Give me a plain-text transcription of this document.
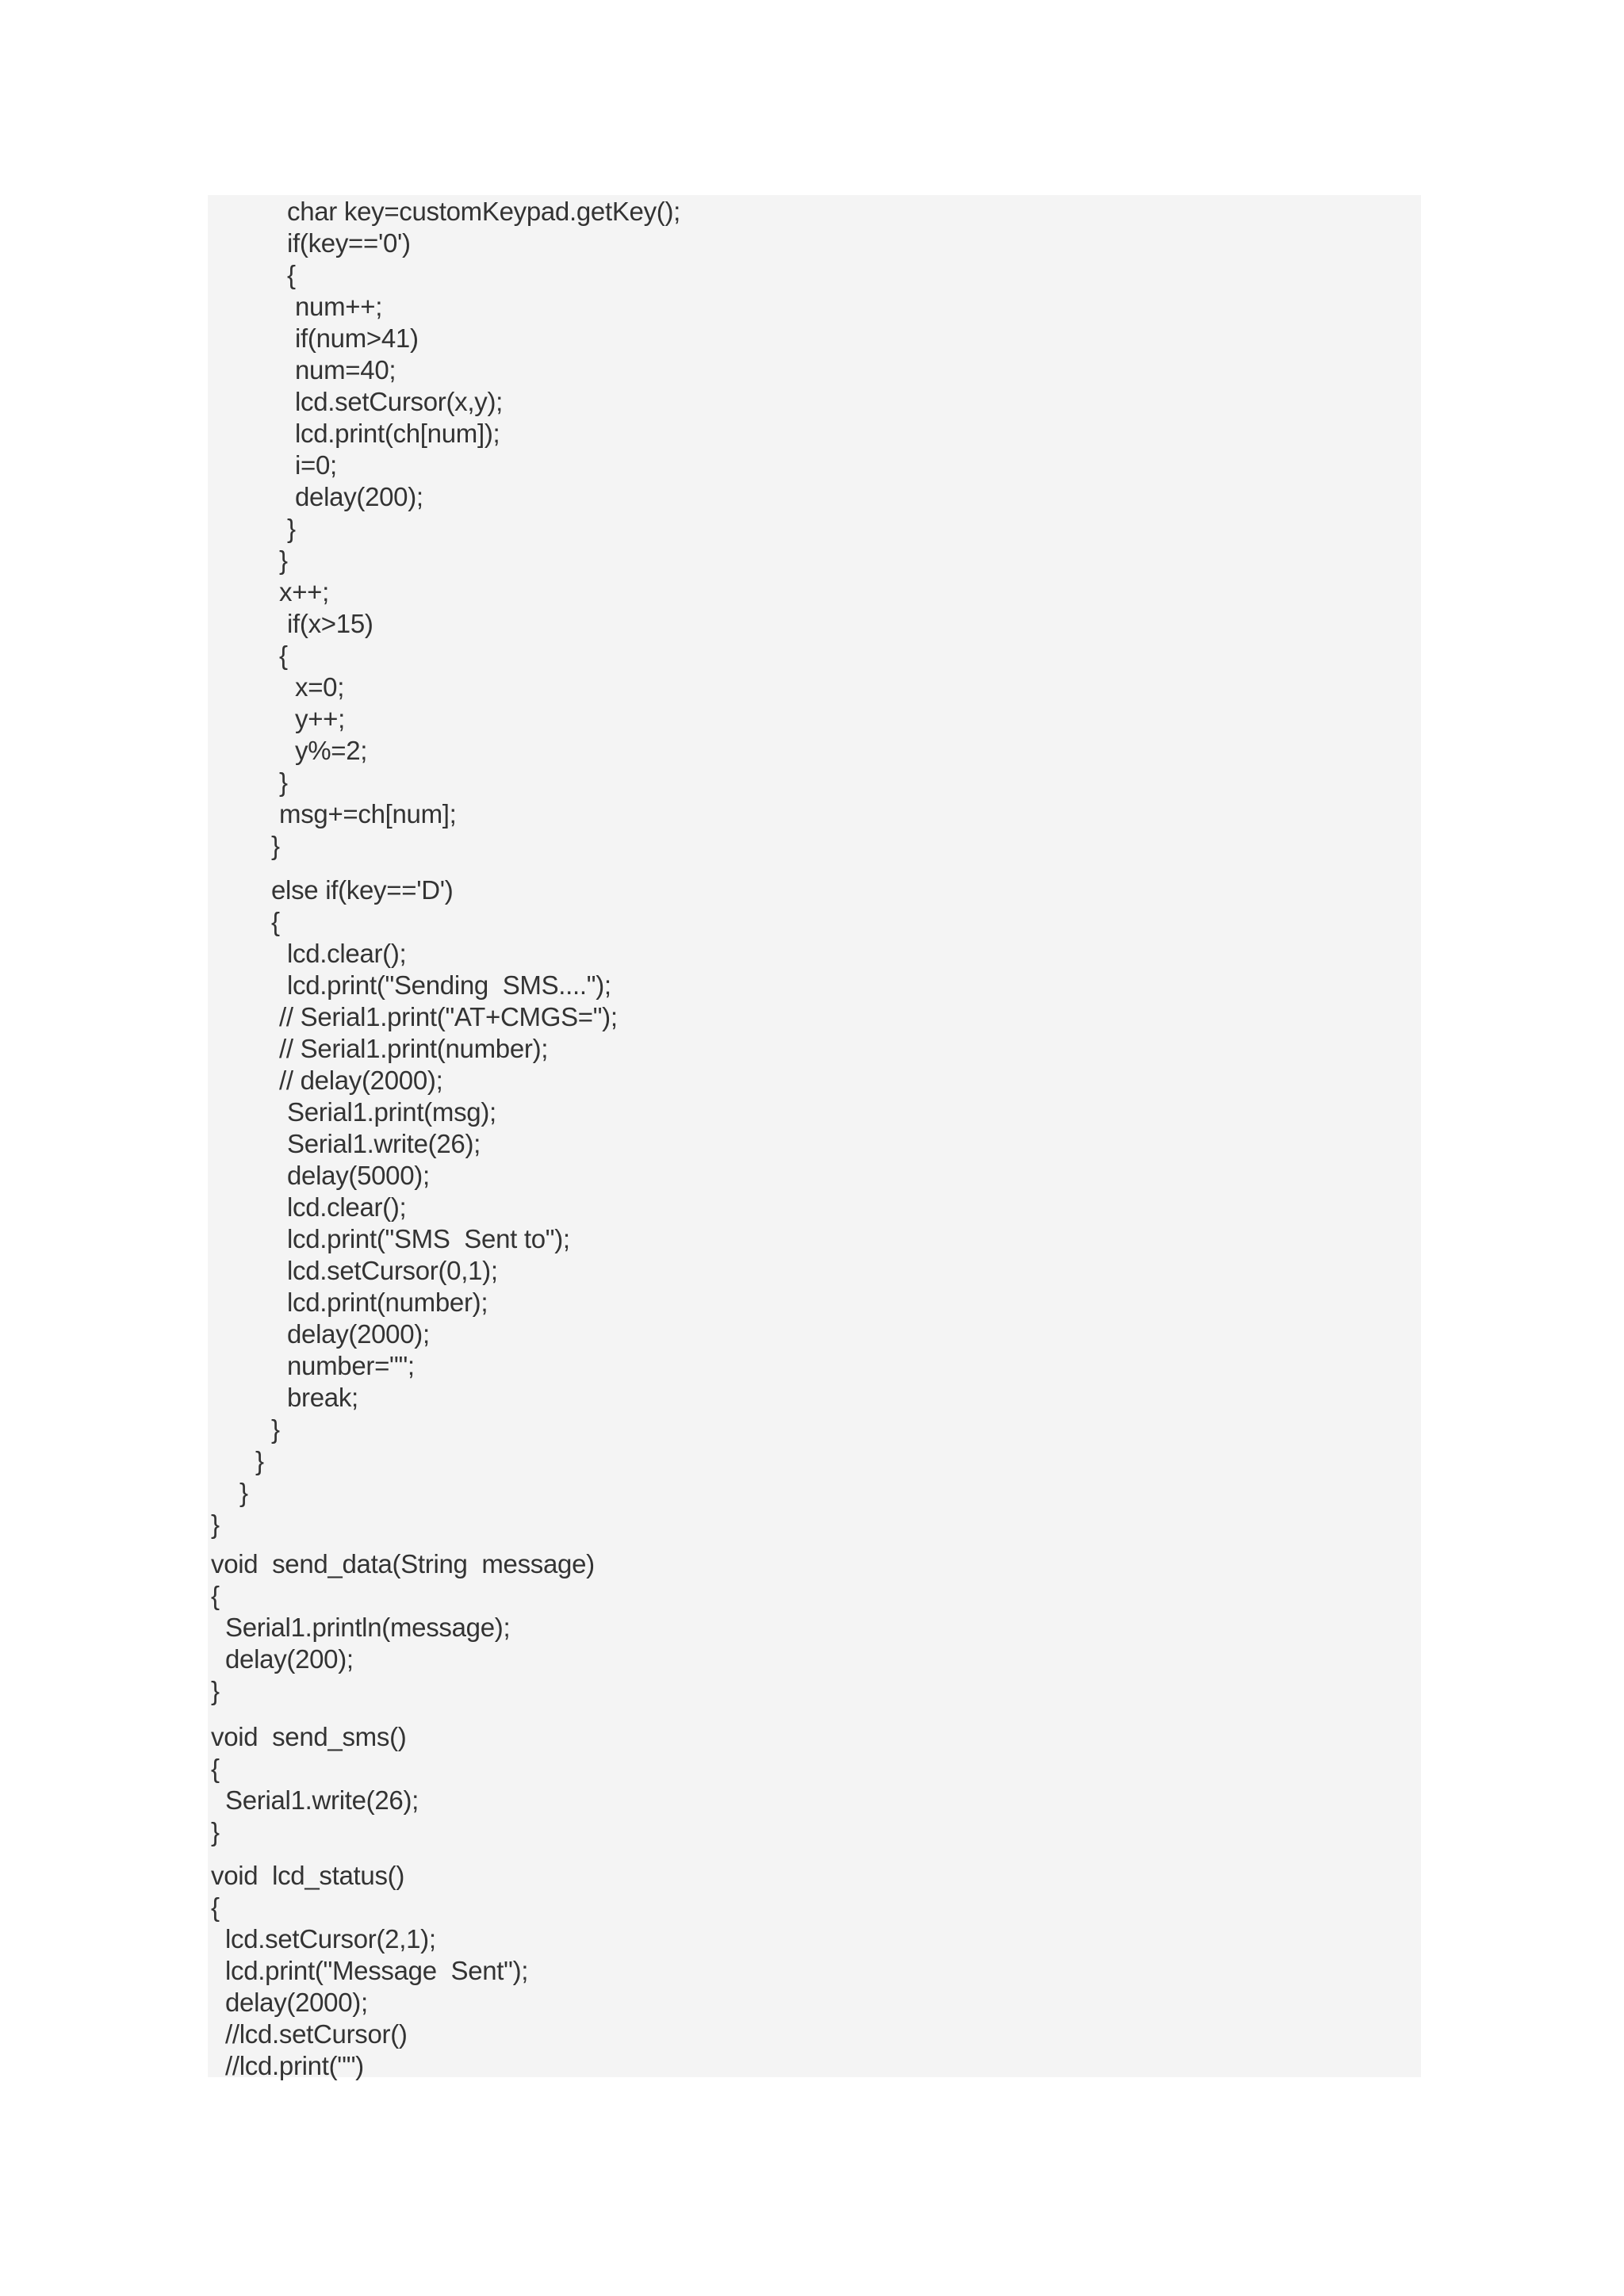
char key=customKeypad.getKey();
if(key=='0')
{
num++;
if(num>41)
num=40;
lcd.setCursor(x,y);
lcd.print(ch[num]);
i=0;
delay(200);
}
}
x++;
if(x>15)
{
x=0;
y++;
y%=2;
}
msg+=ch[num];
}
else if(key=='D')
{
lcd.clear();
lcd.print("Sending  SMS....");
// Serial1.print("AT+CMGS=");
// Serial1.print(number);
// delay(2000);
Serial1.print(msg);
Serial1.write(26);
delay(5000);
lcd.clear();
lcd.print("SMS  Sent to");
lcd.setCursor(0,1);
lcd.print(number);
delay(2000);
number="";
break;
}
}
}
}
void  send_data(String  message)
{
Serial1.println(message);
delay(200);
}
void  send_sms()
{
Serial1.write(26);
}
void  lcd_status()
{
lcd.setCursor(2,1);
lcd.print("Message  Sent");
delay(2000);
//lcd.setCursor()
//lcd.print("")
